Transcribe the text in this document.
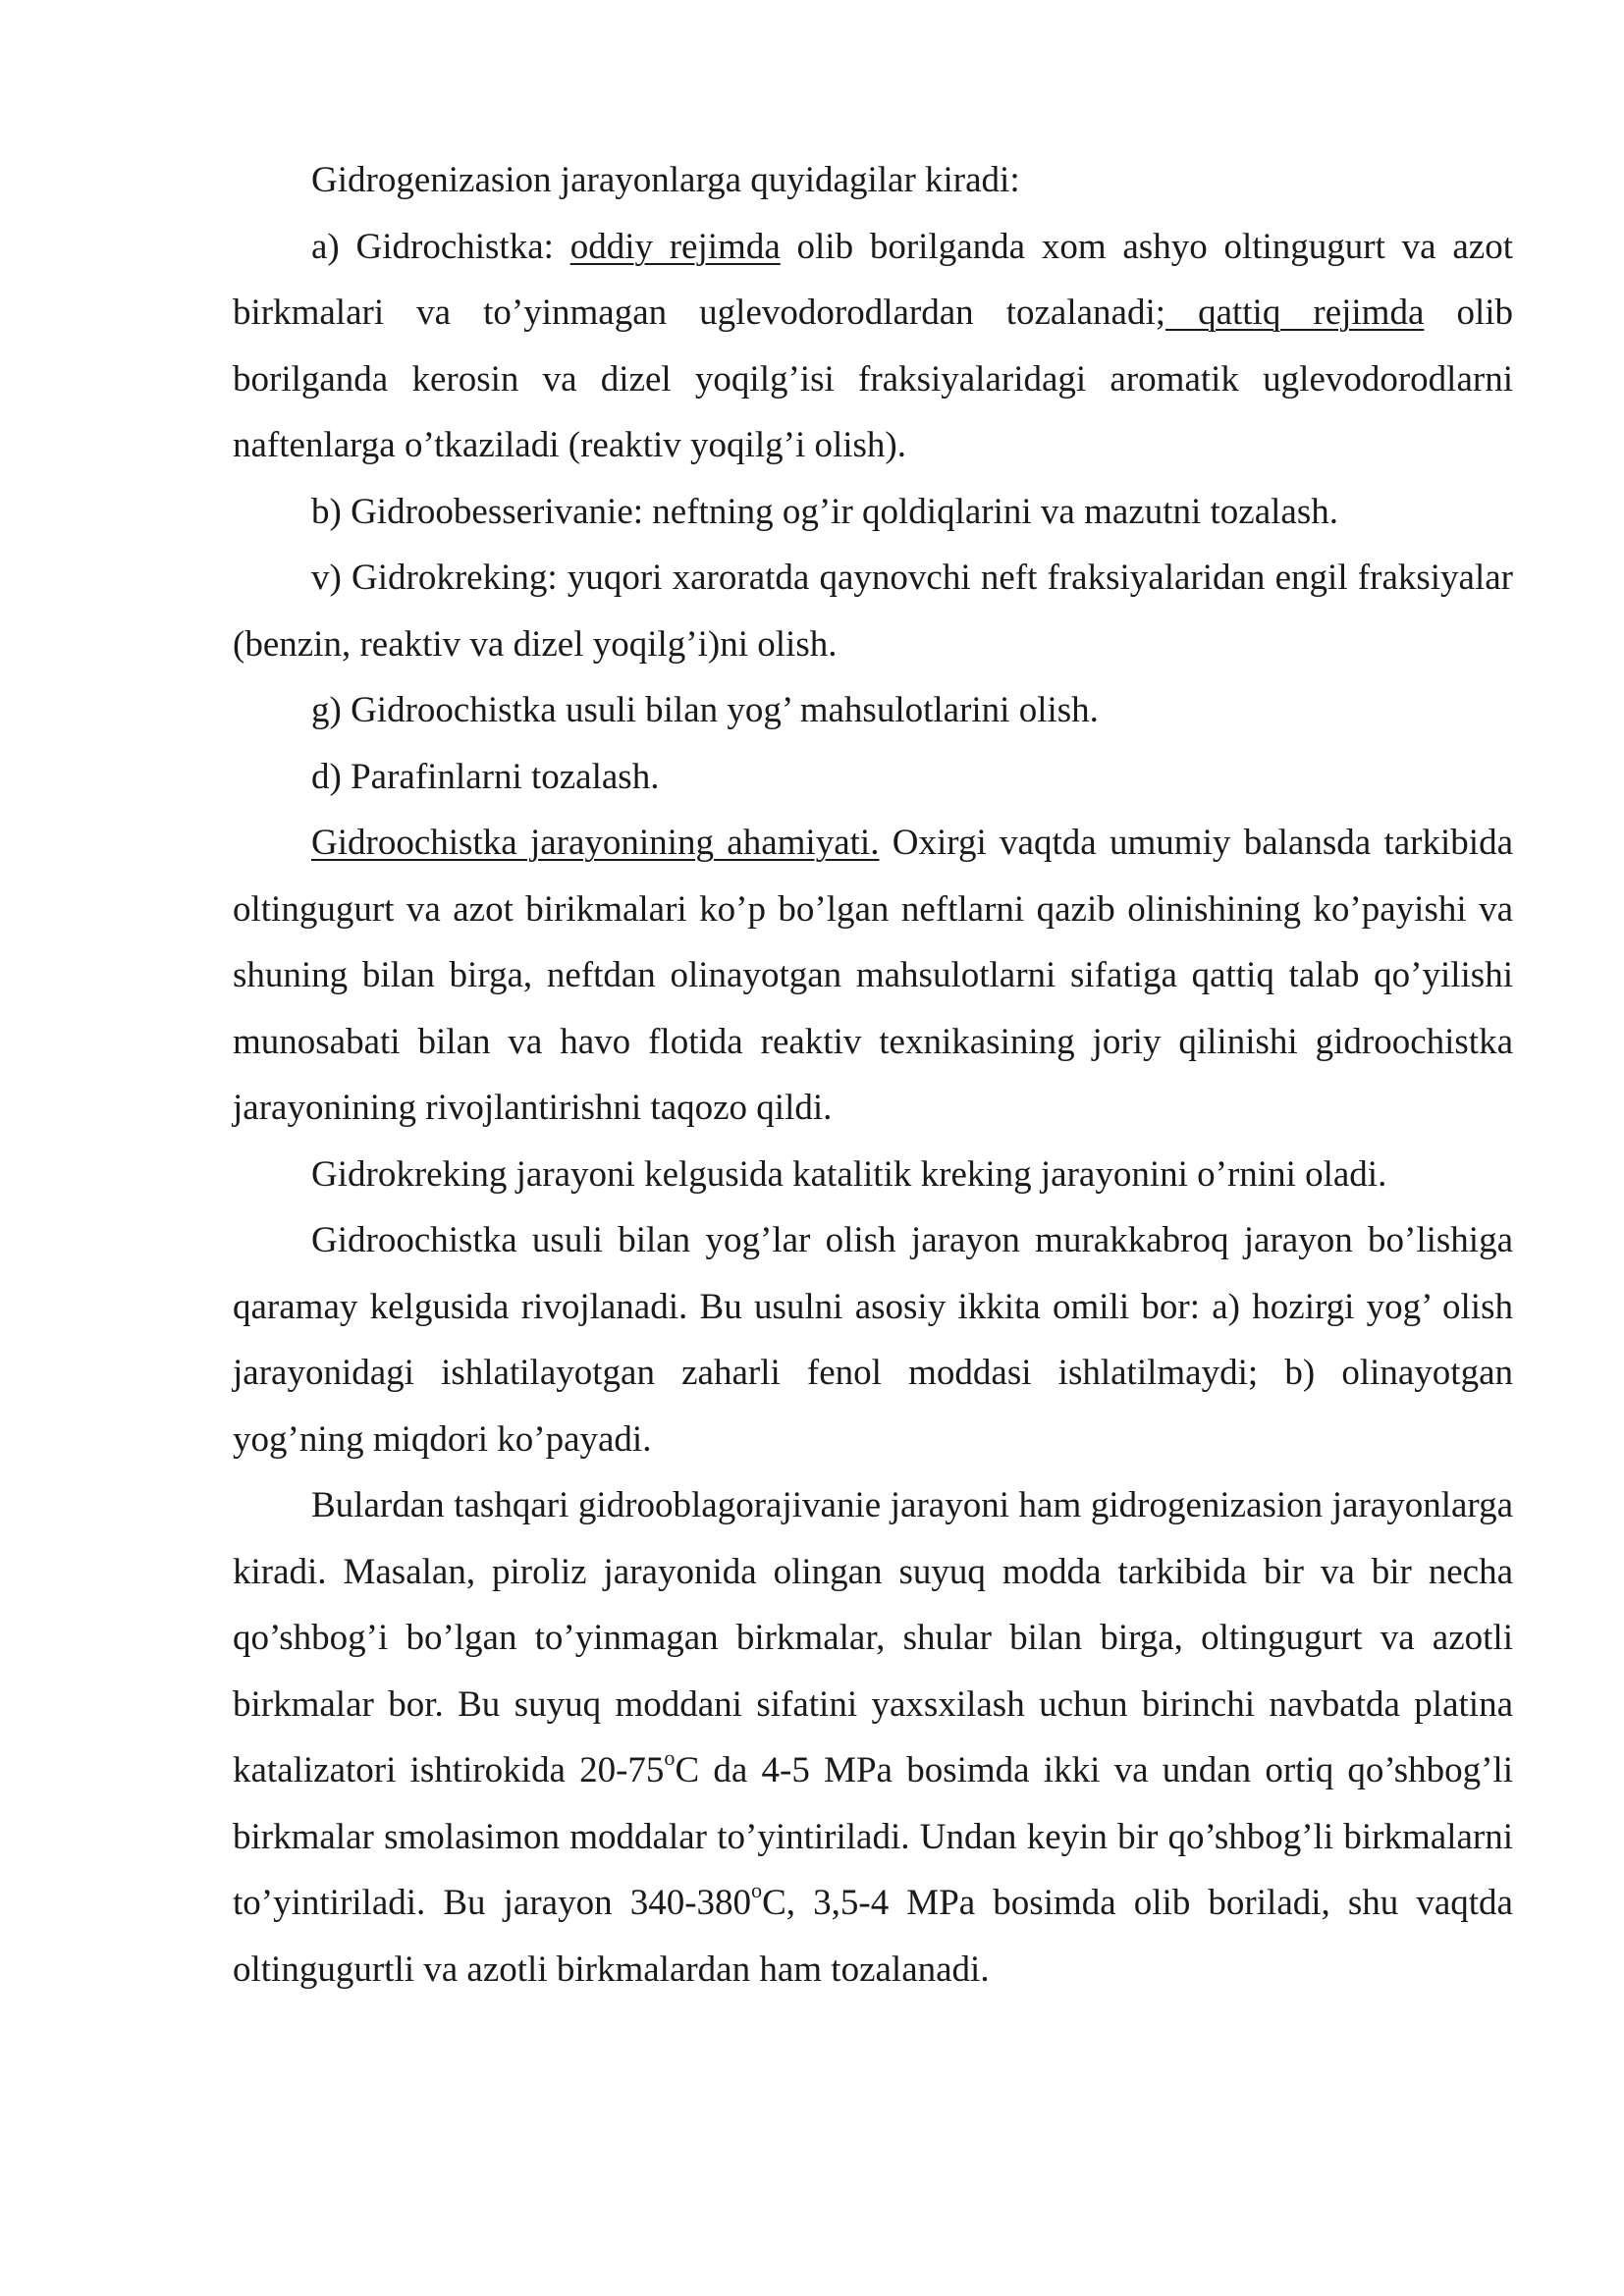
Gidrogenizasion jarayonlarga quyidagilar kiradi:

a) Gidrochistka: oddiy rejimda olib borilganda xom ashyo oltingugurt va azot birkmalari va to’yinmagan uglevodorodlardan tozalanadi; qattiq rejimda olib borilganda kerosin va dizel yoqilg’isi fraksiyalaridagi aromatik uglevodorodlarni naftenlarga o’tkaziladi (reaktiv yoqilg’i olish).

b) Gidroobesserivanie: neftning og’ir qoldiqlarini va mazutni tozalash.

v) Gidrokreking: yuqori xaroratda qaynovchi neft fraksiyalaridan engil fraksiyalar (benzin, reaktiv va dizel yoqilg’i)ni olish.

g) Gidroochistka usuli bilan yog’ mahsulotlarini olish.

d) Parafinlarni tozalash.

Gidroochistka jarayonining ahamiyati. Oxirgi vaqtda umumiy balansda tarkibida oltingugurt va azot birikmalari ko’p bo’lgan neftlarni qazib olinishining ko’payishi va shuning bilan birga, neftdan olinayotgan mahsulotlarni sifatiga qattiq talab qo’yilishi munosabati bilan va havo flotida reaktiv texnikasining joriy qilinishi gidroochistka jarayonining rivojlantirishni taqozo qildi.

Gidrokreking jarayoni kelgusida katalitik kreking jarayonini o’rnini oladi.

Gidroochistka usuli bilan yog’lar olish jarayon murakkabroq jarayon bo’lishiga qaramay kelgusida rivojlanadi. Bu usulni asosiy ikkita omili bor: a) hozirgi yog’ olish jarayonidagi ishlatilayotgan zaharli fenol moddasi ishlatilmaydi; b) olinayotgan yog’ning miqdori ko’payadi.

Bulardan tashqari gidrooblagorajivanie jarayoni ham gidrogenizasion jarayonlarga kiradi. Masalan, piroliz jarayonida olingan suyuq modda tarkibida bir va bir necha qo’shbog’i bo’lgan to’yinmagan birkmalar, shular bilan birga, oltingugurt va azotli birkmalar bor. Bu suyuq moddani sifatini yaxsxilash uchun birinchi navbatda platina katalizatori ishtirokida 20-75$^o$C da 4-5 MPa bosimda ikki va undan ortiq qo’shbog’li birkmalar smolasimon moddalar to’yintiriladi. Undan keyin bir qo’shbog’li birkmalarni to’yintiriladi. Bu jarayon 340-380$^o$C, 3,5-4 MPa bosimda olib boriladi, shu vaqtda oltingugurtli va azotli birkmalardan ham tozalanadi.
